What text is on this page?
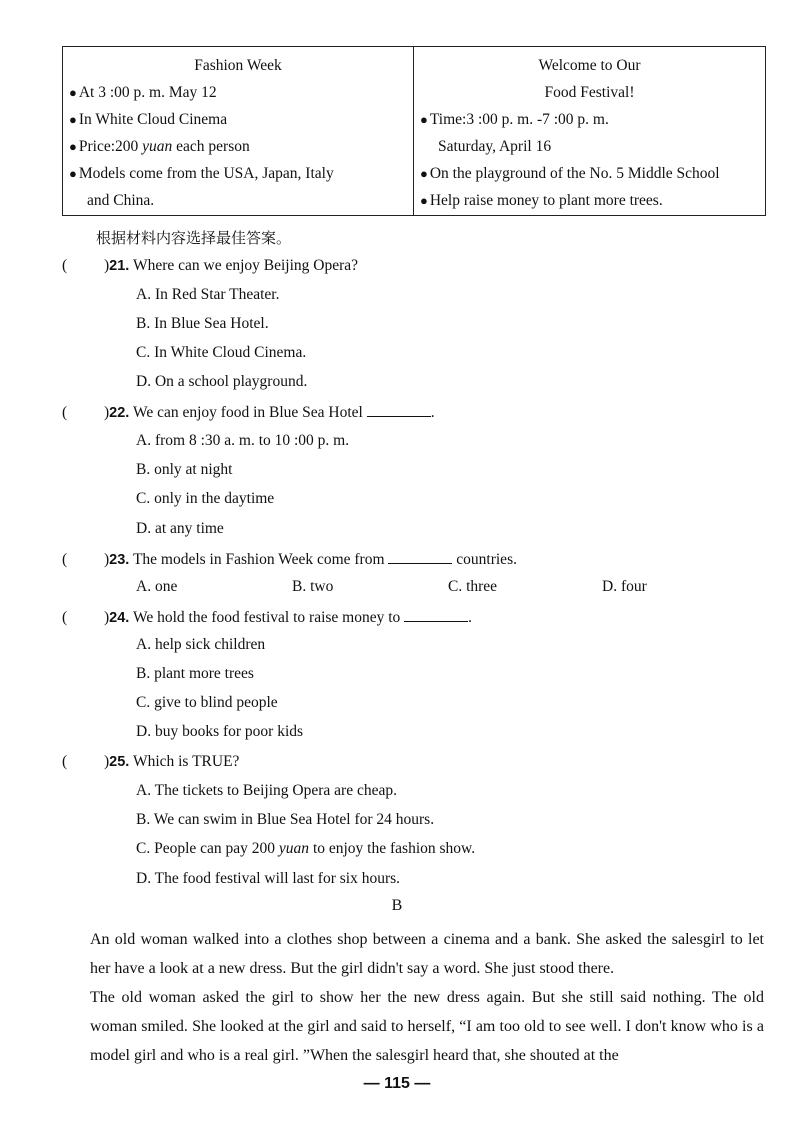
Fashion Week
● At 3 :00 p. m. May 12
● In White Cloud Cinema
● Price:200 yuan each person
● Models come from the USA, Japan, Italy
and China.
Welcome to Our
Food Festival!
● Time:3 :00 p. m. -7 :00 p. m.
Saturday, April 16
● On the playground of the No. 5 Middle School
● Help raise money to plant more trees.
根据材料内容选择最佳答案。
( )21. Where can we enjoy Beijing Opera?
A. In Red Star Theater.
B. In Blue Sea Hotel.
C. In White Cloud Cinema.
D. On a school playground.
( )22. We can enjoy food in Blue Sea Hotel	.
A. from 8 :30 a. m. to 10 :00 p. m.
B. only at night
C. only in the daytime
D. at any time
( )23. The models in Fashion Week come from	countries.
A. one	B. two	C. three	D. four
( )24. We hold the food festival to raise money to	.
A. help sick children
B. plant more trees
C. give to blind people
D. buy books for poor kids
( )25. Which is TRUE?
A. The tickets to Beijing Opera are cheap.
B. We can swim in Blue Sea Hotel for 24 hours.
C. People can pay 200 yuan to enjoy the fashion show.
D. The food festival will last for six hours.
B
An old woman walked into a clothes shop between a cinema and a bank. She asked the salesgirl to let her have a look at a new dress. But the girl didn't say a word. She just stood there.
The old woman asked the girl to show her the new dress again. But she still said nothing. The old woman smiled. She looked at the girl and said to herself, “I am too old to see well. I don't know who is a model girl and who is a real girl. ”When the salesgirl heard that, she shouted at the
— 115 —
